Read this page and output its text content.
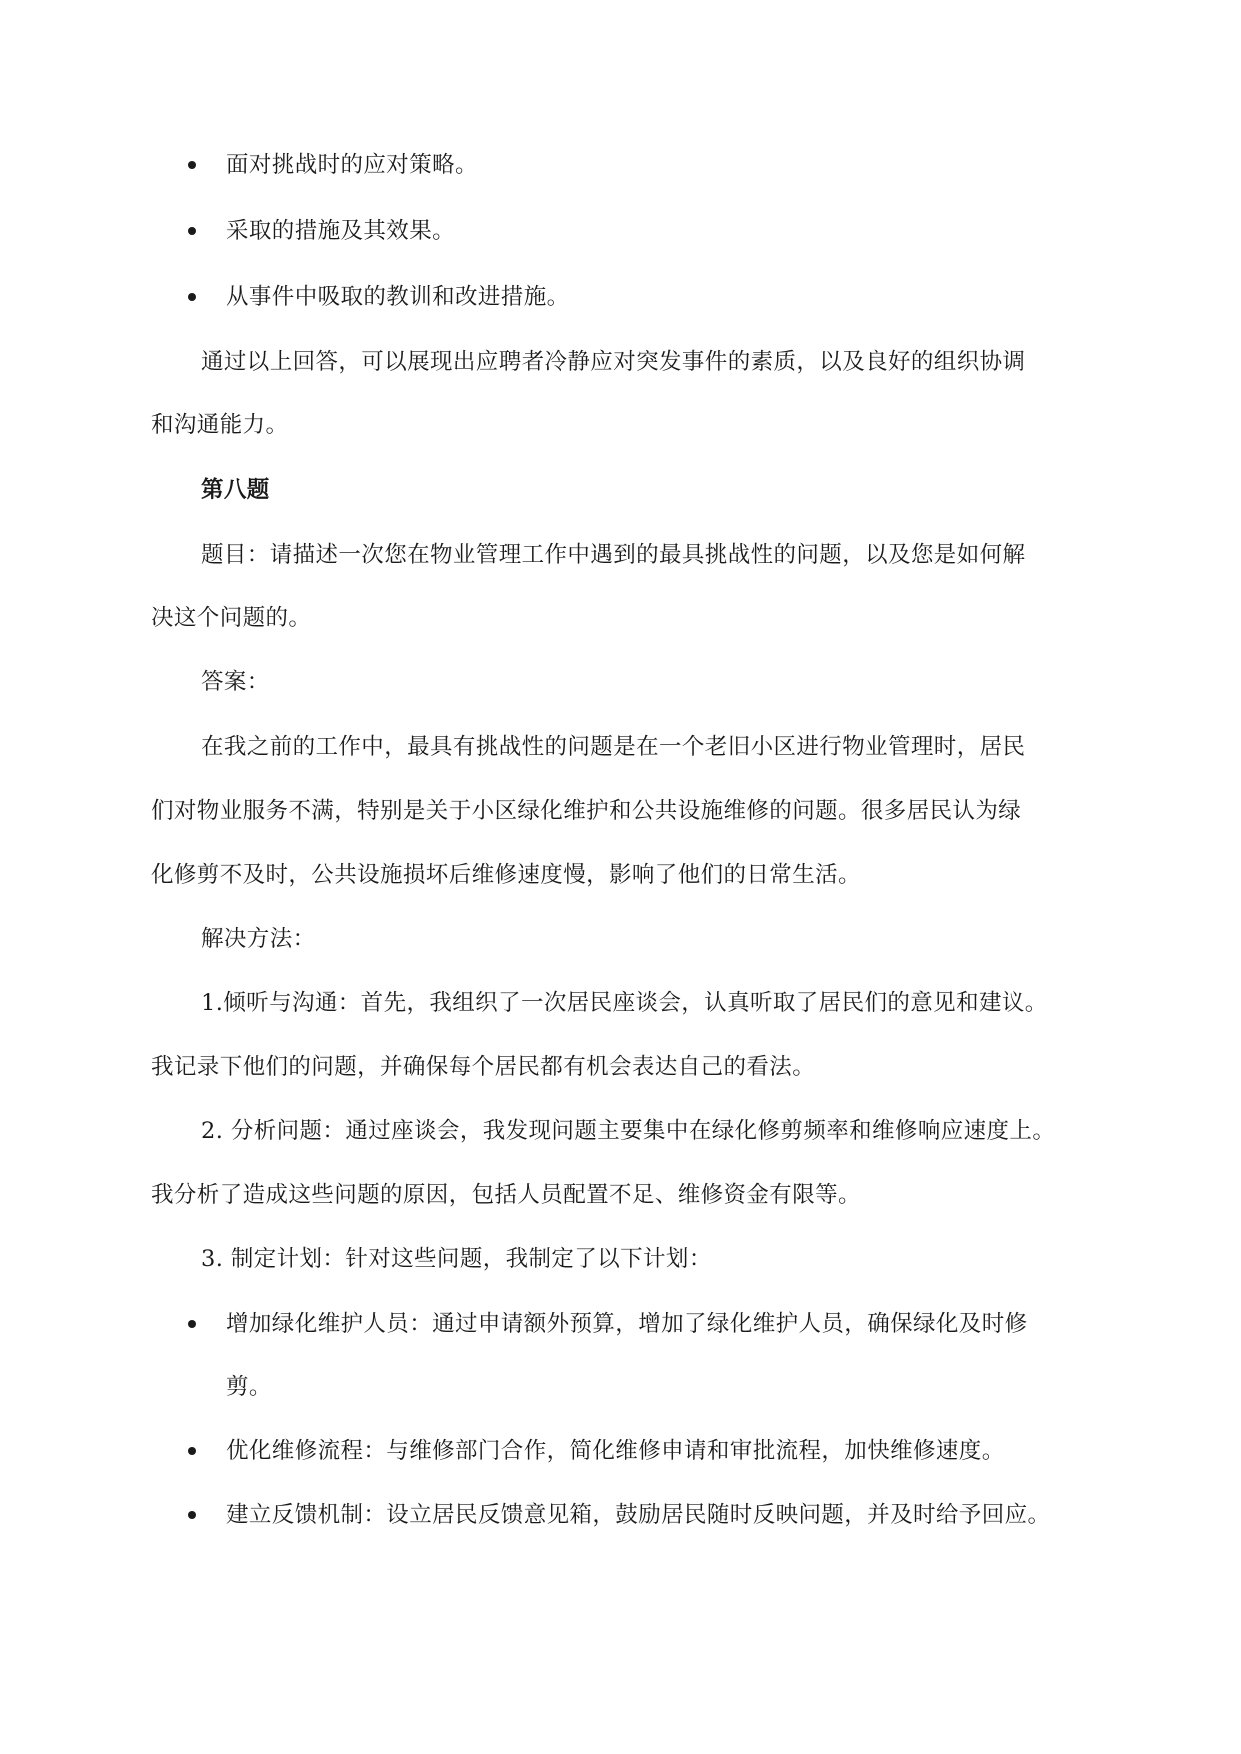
面对挑战时的应对策略。
采取的措施及其效果。
从事件中吸取的教训和改进措施。
通过以上回答，可以展现出应聘者冷静应对突发事件的素质，以及良好的组织协调
和沟通能力。
第八题
题目：请描述一次您在物业管理工作中遇到的最具挑战性的问题，以及您是如何解
决这个问题的。
答案：
在我之前的工作中，最具有挑战性的问题是在一个老旧小区进行物业管理时，居民
们对物业服务不满，特别是关于小区绿化维护和公共设施维修的问题。很多居民认为绿
化修剪不及时，公共设施损坏后维修速度慢，影响了他们的日常生活。
解决方法：
1.倾听与沟通：首先，我组织了一次居民座谈会，认真听取了居民们的意见和建议。
我记录下他们的问题，并确保每个居民都有机会表达自己的看法。
2. 分析问题：通过座谈会，我发现问题主要集中在绿化修剪频率和维修响应速度上。
我分析了造成这些问题的原因，包括人员配置不足、维修资金有限等。
3. 制定计划：针对这些问题，我制定了以下计划：
增加绿化维护人员：通过申请额外预算，增加了绿化维护人员，确保绿化及时修
剪。
优化维修流程：与维修部门合作，简化维修申请和审批流程，加快维修速度。
建立反馈机制：设立居民反馈意见箱，鼓励居民随时反映问题，并及时给予回应。
